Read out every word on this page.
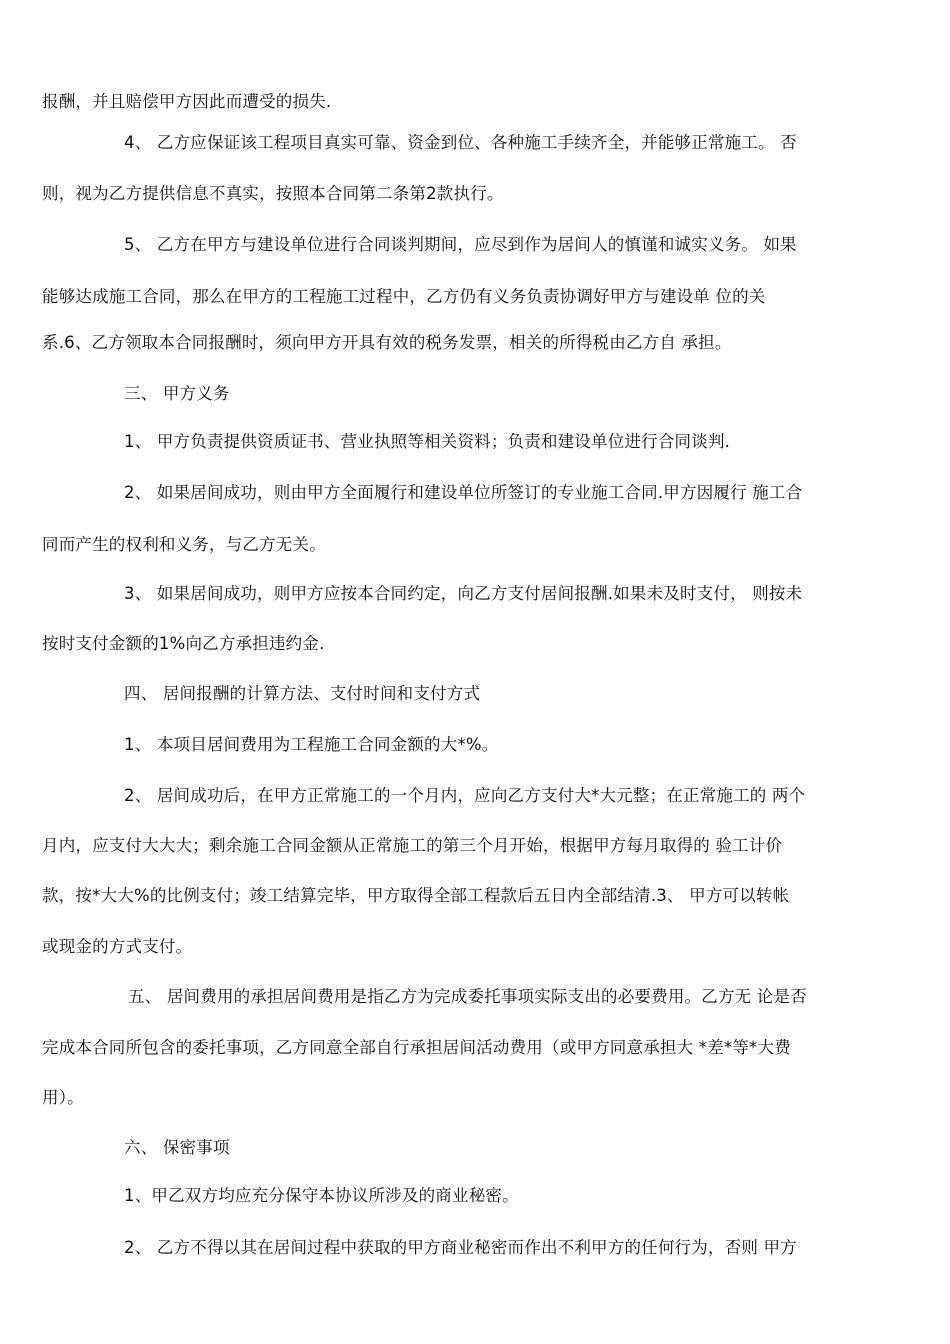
报酬，并且赔偿甲方因此而遭受的损失.
4、 乙方应保证该工程项目真实可靠、资金到位、各种施工手续齐全，并能够正常施工。 否
则，视为乙方提供信息不真实，按照本合同第二条第2款执行。
5、 乙方在甲方与建设单位进行合同谈判期间，应尽到作为居间人的慎谨和诚实义务。 如果
能够达成施工合同，那么在甲方的工程施工过程中，乙方仍有义务负责协调好甲方与建设单 位的关
系.6、乙方领取本合同报酬时，须向甲方开具有效的税务发票，相关的所得税由乙方自 承担。
三、 甲方义务
1、 甲方负责提供资质证书、营业执照等相关资料；负责和建设单位进行合同谈判.
2、 如果居间成功，则由甲方全面履行和建设单位所签订的专业施工合同.甲方因履行 施工合
同而产生的权利和义务，与乙方无关。
3、 如果居间成功，则甲方应按本合同约定，向乙方支付居间报酬.如果未及时支付， 则按未
按时支付金额的1%向乙方承担违约金.
四、 居间报酬的计算方法、支付时间和支付方式
1、 本项目居间费用为工程施工合同金额的大*%。
2、 居间成功后，在甲方正常施工的一个月内，应向乙方支付大*大元整；在正常施工的 两个
月内，应支付大大大；剩余施工合同金额从正常施工的第三个月开始，根据甲方每月取得的 验工计价
款，按*大大%的比例支付；竣工结算完毕，甲方取得全部工程款后五日内全部结清.3、 甲方可以转帐
或现金的方式支付。
五、 居间费用的承担居间费用是指乙方为完成委托事项实际支出的必要费用。乙方无 论是否
完成本合同所包含的委托事项，乙方同意全部自行承担居间活动费用（或甲方同意承担大 *差*等*大费
用）。
六、 保密事项
1、甲乙双方均应充分保守本协议所涉及的商业秘密。
2、 乙方不得以其在居间过程中获取的甲方商业秘密而作出不利甲方的任何行为，否则 甲方
